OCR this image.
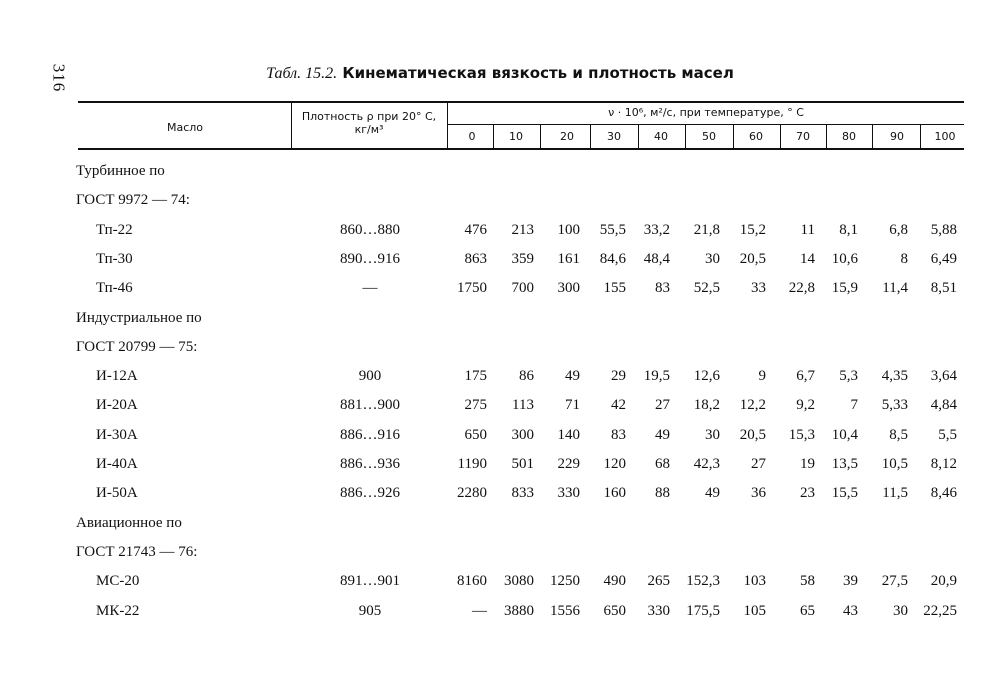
316	Табл. 15.2. Кинематическая вязкость и плотность масел
Масло
Плотность ρ при 20° С, кг/м³
ν · 10⁶, м²/с, при температуре, ° С
0	10	20	30	40	50	60	70	80	90	100
Турбинное по
ГОСТ 9972 — 74:
Тп-22	860…880	476	213	100	55,5	33,2	21,8	15,2	11	8,1	6,8	5,88
Тп-30	890…916	863	359	161	84,6	48,4	30	20,5	14	10,6	8	6,49
Тп-46	—	1750	700	300	155	83	52,5	33	22,8	15,9	11,4	8,51
Индустриальное по
ГОСТ 20799 — 75:
И-12А	900	175	86	49	29	19,5	12,6	9	6,7	5,3	4,35	3,64
И-20А	881…900	275	113	71	42	27	18,2	12,2	9,2	7	5,33	4,84
И-30А	886…916	650	300	140	83	49	30	20,5	15,3	10,4	8,5	5,5
И-40А	886…936	1190	501	229	120	68	42,3	27	19	13,5	10,5	8,12
И-50А	886…926	2280	833	330	160	88	49	36	23	15,5	11,5	8,46
Авиационное по
ГОСТ 21743 — 76:
МС-20	891…901	8160	3080	1250	490	265	152,3	103	58	39	27,5	20,9
МК-22	905	—	3880	1556	650	330	175,5	105	65	43	30	22,25
